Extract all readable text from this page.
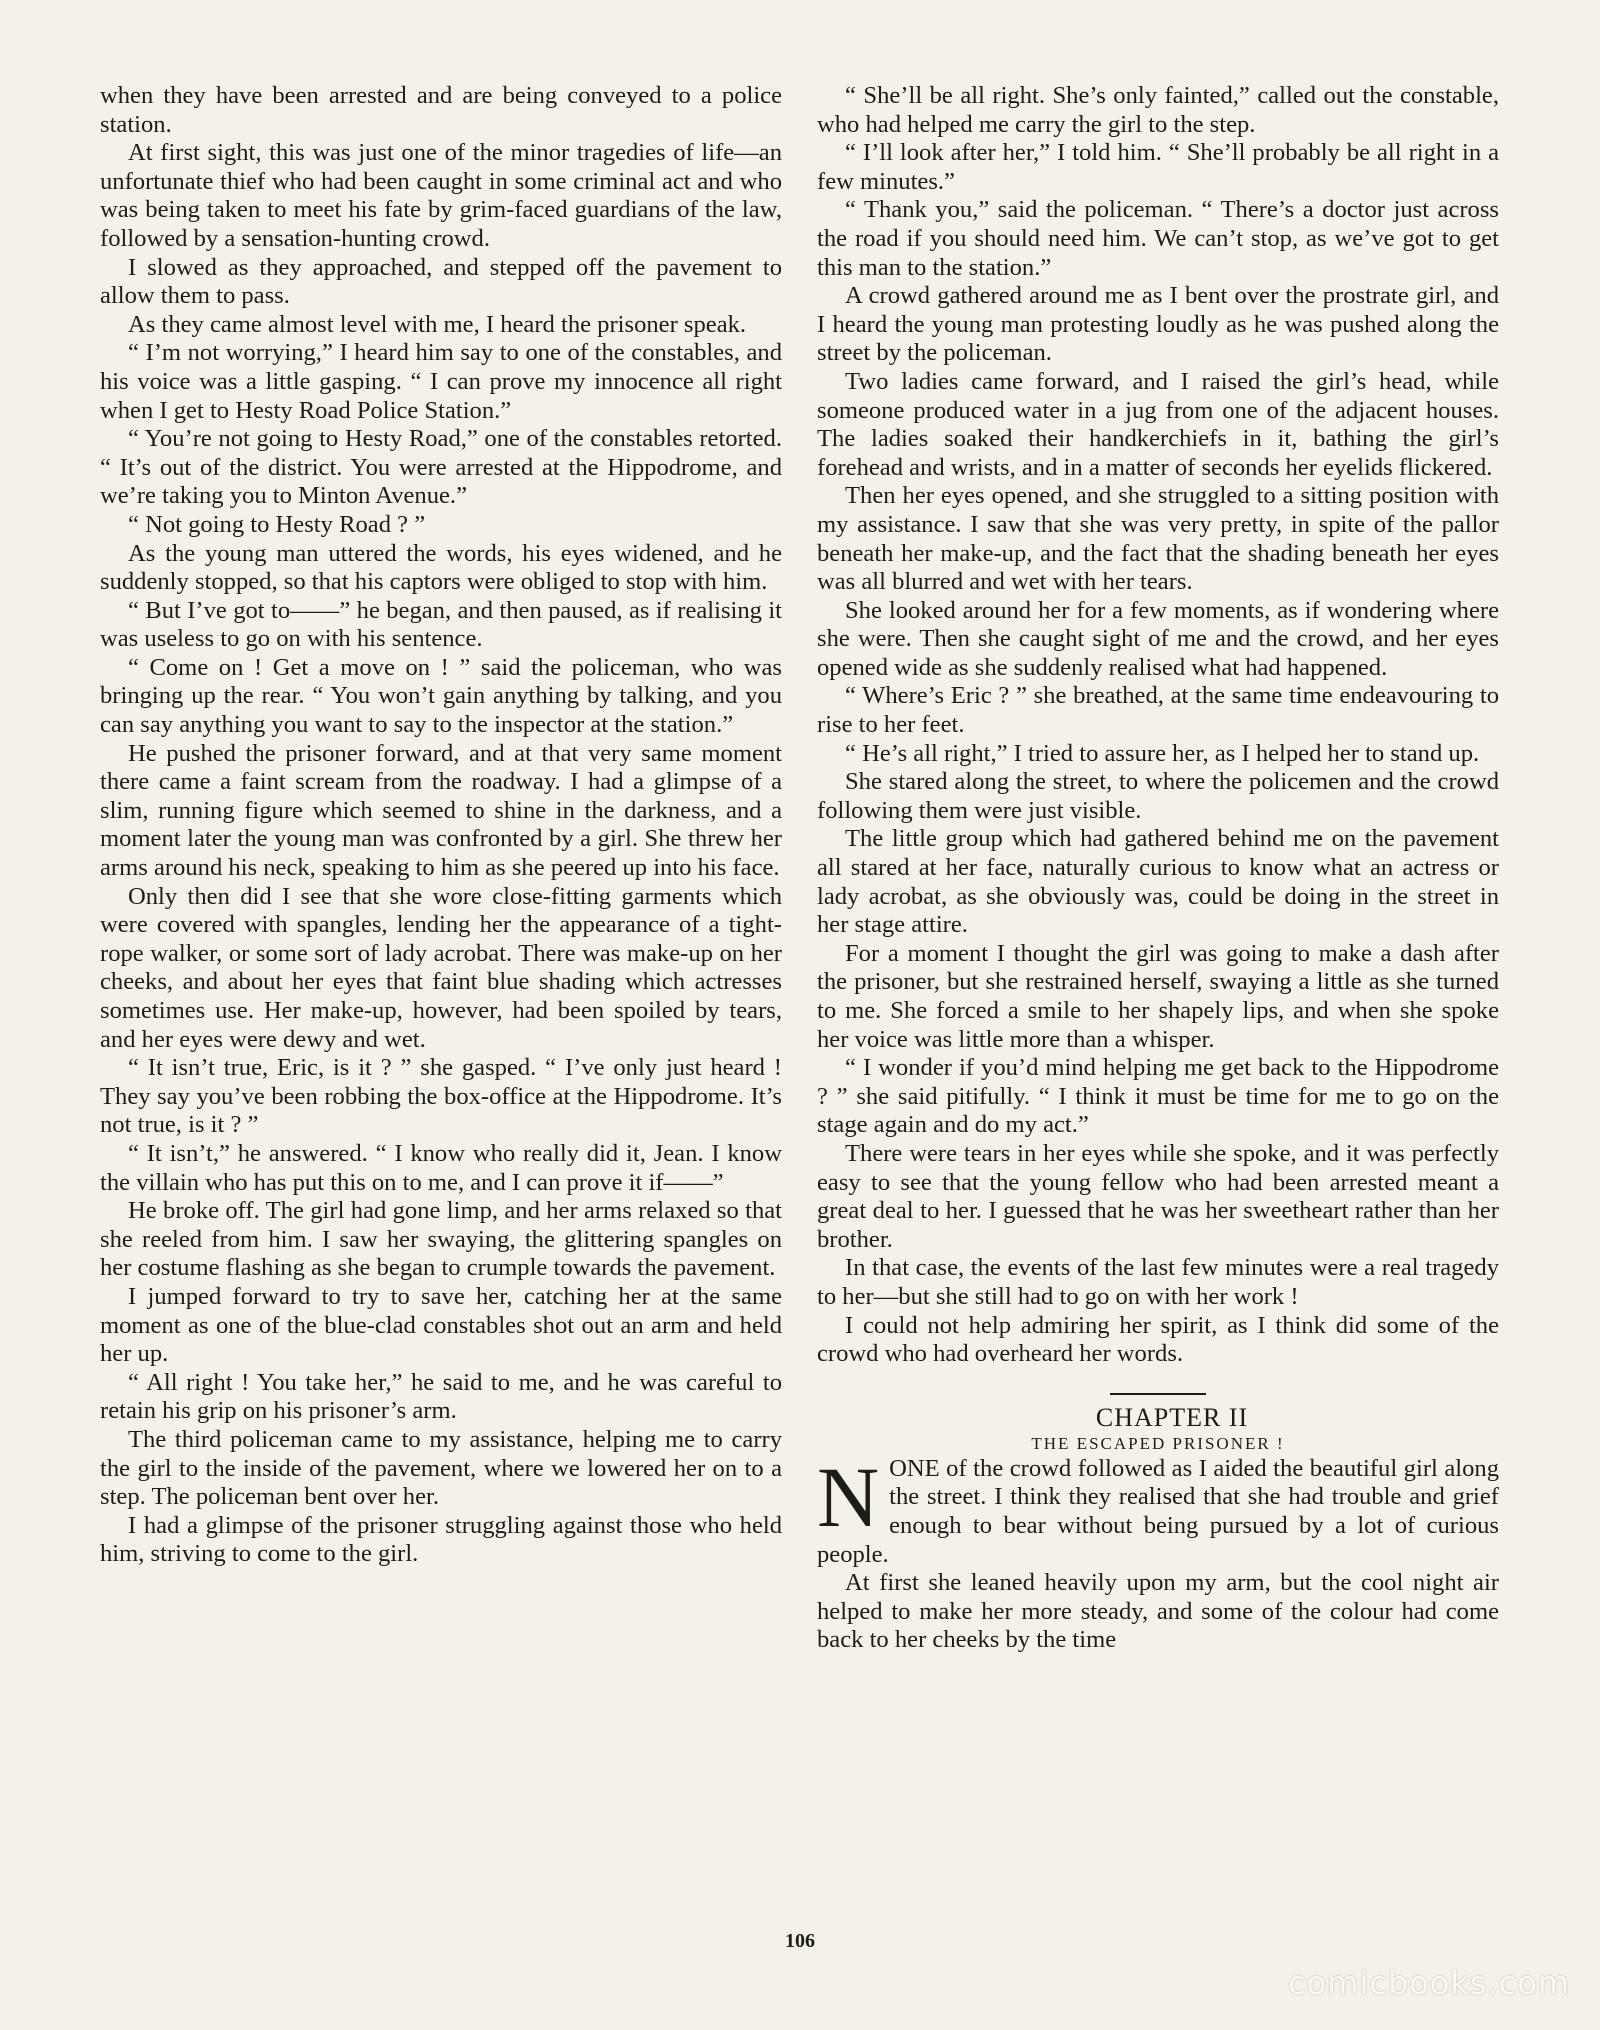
when they have been arrested and are being conveyed to a police station.

At first sight, this was just one of the minor tragedies of life—an unfortunate thief who had been caught in some criminal act and who was being taken to meet his fate by grim-faced guardians of the law, followed by a sensation-hunting crowd.

I slowed as they approached, and stepped off the pavement to allow them to pass.

As they came almost level with me, I heard the prisoner speak.

“ I’m not worrying,” I heard him say to one of the constables, and his voice was a little gasping. “ I can prove my innocence all right when I get to Hesty Road Police Station.”

“ You’re not going to Hesty Road,” one of the constables retorted. “ It’s out of the district. You were arrested at the Hippodrome, and we’re taking you to Minton Avenue.”

“ Not going to Hesty Road ? ”

As the young man uttered the words, his eyes widened, and he suddenly stopped, so that his captors were obliged to stop with him.

“ But I’ve got to——” he began, and then paused, as if realising it was useless to go on with his sentence.

“ Come on ! Get a move on ! ” said the policeman, who was bringing up the rear. “ You won’t gain anything by talking, and you can say anything you want to say to the inspector at the station.”

He pushed the prisoner forward, and at that very same moment there came a faint scream from the roadway. I had a glimpse of a slim, running figure which seemed to shine in the darkness, and a moment later the young man was confronted by a girl. She threw her arms around his neck, speaking to him as she peered up into his face.

Only then did I see that she wore close-fitting garments which were covered with spangles, lending her the appearance of a tight-rope walker, or some sort of lady acrobat. There was make-up on her cheeks, and about her eyes that faint blue shading which actresses sometimes use. Her make-up, however, had been spoiled by tears, and her eyes were dewy and wet.

“ It isn’t true, Eric, is it ? ” she gasped. “ I’ve only just heard ! They say you’ve been robbing the box-office at the Hippodrome. It’s not true, is it ? ”

“ It isn’t,” he answered. “ I know who really did it, Jean. I know the villain who has put this on to me, and I can prove it if——”

He broke off. The girl had gone limp, and her arms relaxed so that she reeled from him. I saw her swaying, the glittering spangles on her costume flashing as she began to crumple towards the pavement.

I jumped forward to try to save her, catching her at the same moment as one of the blue-clad constables shot out an arm and held her up.

“ All right ! You take her,” he said to me, and he was careful to retain his grip on his prisoner’s arm.

The third policeman came to my assistance, helping me to carry the girl to the inside of the pavement, where we lowered her on to a step. The policeman bent over her.

I had a glimpse of the prisoner struggling against those who held him, striving to come to the girl.

“ She’ll be all right. She’s only fainted,” called out the constable, who had helped me carry the girl to the step.

“ I’ll look after her,” I told him. “ She’ll probably be all right in a few minutes.”

“ Thank you,” said the policeman. “ There’s a doctor just across the road if you should need him. We can’t stop, as we’ve got to get this man to the station.”

A crowd gathered around me as I bent over the prostrate girl, and I heard the young man protesting loudly as he was pushed along the street by the policeman.

Two ladies came forward, and I raised the girl’s head, while someone produced water in a jug from one of the adjacent houses. The ladies soaked their handkerchiefs in it, bathing the girl’s forehead and wrists, and in a matter of seconds her eyelids flickered.

Then her eyes opened, and she struggled to a sitting position with my assistance. I saw that she was very pretty, in spite of the pallor beneath her make-up, and the fact that the shading beneath her eyes was all blurred and wet with her tears.

She looked around her for a few moments, as if wondering where she were. Then she caught sight of me and the crowd, and her eyes opened wide as she suddenly realised what had happened.

“ Where’s Eric ? ” she breathed, at the same time endeavouring to rise to her feet.

“ He’s all right,” I tried to assure her, as I helped her to stand up.

She stared along the street, to where the policemen and the crowd following them were just visible.

The little group which had gathered behind me on the pavement all stared at her face, naturally curious to know what an actress or lady acrobat, as she obviously was, could be doing in the street in her stage attire.

For a moment I thought the girl was going to make a dash after the prisoner, but she restrained herself, swaying a little as she turned to me. She forced a smile to her shapely lips, and when she spoke her voice was little more than a whisper.

“ I wonder if you’d mind helping me get back to the Hippodrome ? ” she said pitifully. “ I think it must be time for me to go on the stage again and do my act.”

There were tears in her eyes while she spoke, and it was perfectly easy to see that the young fellow who had been arrested meant a great deal to her. I guessed that he was her sweetheart rather than her brother.

In that case, the events of the last few minutes were a real tragedy to her—but she still had to go on with her work !

I could not help admiring her spirit, as I think did some of the crowd who had overheard her words.

CHAPTER II

THE ESCAPED PRISONER !

NONE of the crowd followed as I aided the beautiful girl along the street. I think they realised that she had trouble and grief enough to bear without being pursued by a lot of curious people.

At first she leaned heavily upon my arm, but the cool night air helped to make her more steady, and some of the colour had come back to her cheeks by the time

106
comicbooks.com
